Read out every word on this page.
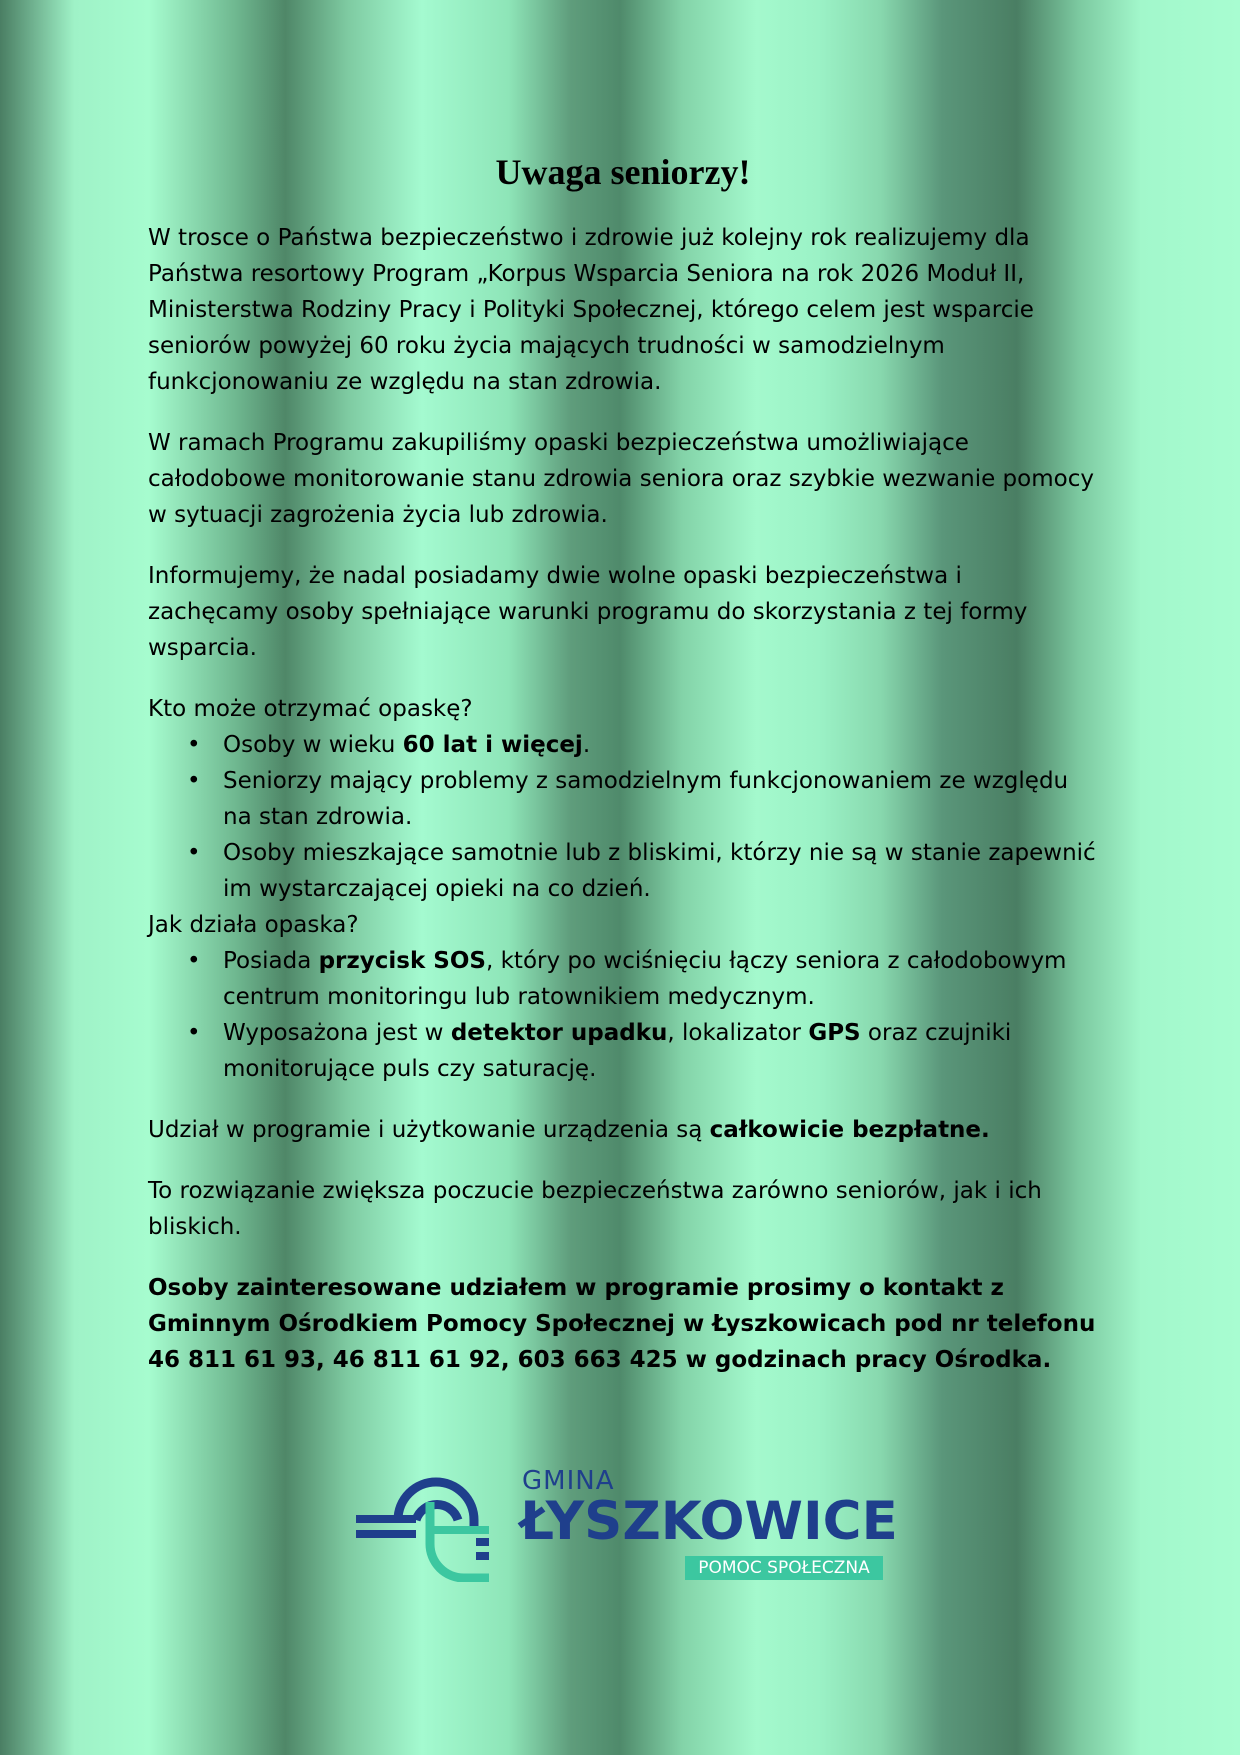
Uwaga seniorzy!

W trosce o Państwa bezpieczeństwo i zdrowie już kolejny rok realizujemy dla Państwa resortowy Program „Korpus Wsparcia Seniora na rok 2026 Moduł II, Ministerstwa Rodziny Pracy i Polityki Społecznej, którego celem jest wsparcie seniorów powyżej 60 roku życia mających trudności w samodzielnym funkcjonowaniu ze względu na stan zdrowia.

W ramach Programu zakupiliśmy opaski bezpieczeństwa umożliwiające całodobowe monitorowanie stanu zdrowia seniora oraz szybkie wezwanie pomocy w sytuacji zagrożenia życia lub zdrowia.

Informujemy, że nadal posiadamy dwie wolne opaski bezpieczeństwa i zachęcamy osoby spełniające warunki programu do skorzystania z tej formy wsparcia.

Kto może otrzymać opaskę?

• Osoby w wieku 60 lat i więcej.
• Seniorzy mający problemy z samodzielnym funkcjonowaniem ze względu na stan zdrowia.
• Osoby mieszkające samotnie lub z bliskimi, którzy nie są w stanie zapewnić im wystarczającej opieki na co dzień.

Jak działa opaska?

• Posiada przycisk SOS, który po wciśnięciu łączy seniora z całodobowym centrum monitoringu lub ratownikiem medycznym.
• Wyposażona jest w detektor upadku, lokalizator GPS oraz czujniki monitorujące puls czy saturację.

Udział w programie i użytkowanie urządzenia są całkowicie bezpłatne.

To rozwiązanie zwiększa poczucie bezpieczeństwa zarówno seniorów, jak i ich bliskich.

Osoby zainteresowane udziałem w programie prosimy o kontakt z Gminnym Ośrodkiem Pomocy Społecznej w Łyszkowicach pod nr telefonu 46 811 61 93, 46 811 61 92, 603 663 425 w godzinach pracy Ośrodka.

GMINA
ŁYSZKOWICE
POMOC SPOŁECZNA
